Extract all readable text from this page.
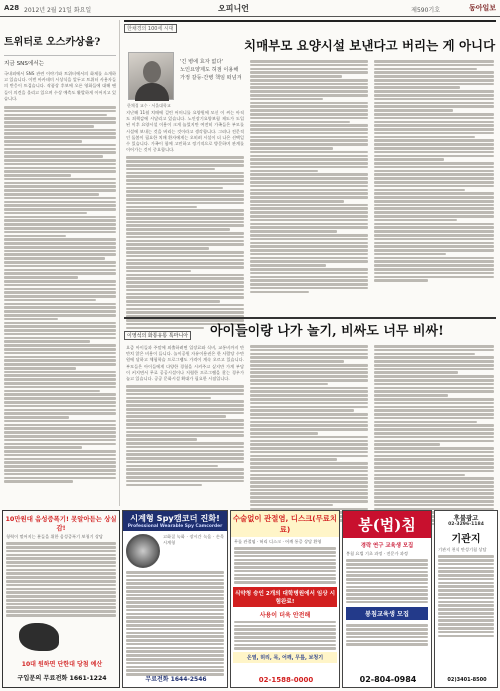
A28 2012년 2월 21일 화요일	오피니언	제590기호	동아일보
트위터로 오스카상을?
지금 SNS에서는
국내외에서 SNS 관련 이야기와 트위터에서의 화제를 소개하고 있습니다. 이번 아카데미 시상식을 앞두고 트위터 사용자들의 반응이 뜨겁습니다. 작품상 후보에 오른 영화들에 대해 팬들이 의견을 올리고 있으며 수상 예측도 활발하게 이어지고 있습니다.
한채경의 100세 시대
치매부모 요양시설 보낸다고 버리는 게 아니다
'긴 병에 효자 없다'
노인요양제도 허점 이용해
가정 갈등·간병 책임 떠넘겨
한채경 교수 · 서울대학교
지난해 11월 치매에 걸린 어머니를 요양원에 모신 이 씨는 아직도 죄책감에 시달리고 있습니다. 노인장기요양보험 제도가 도입된 이후 요양시설 이용이 크게 늘었지만 여전히 가족들은 부모를 시설에 보내는 것을 버리는 것이라고 생각합니다. 그러나 전문적인 돌봄이 필요한 치매 환자에게는 오히려 시설이 더 나은 선택일 수 있습니다. 가족이 함께 고민하고 정기적으로 방문하며 관계를 이어가는 것이 중요합니다.
이영석의 화통유통 톡마니아	아이들이랑 나가 놀기, 비싸도 너무 비싸!
요즘 아이들과 주말에 외출하려면 입장료와 식비, 교통비까지 만만치 않은 비용이 듭니다. 놀이공원 자유이용권은 한 사람당 수만 원에 달하고 체험학습 프로그램도 가격이 계속 오르고 있습니다. 부모들은 아이들에게 다양한 경험을 시켜주고 싶지만 가계 부담이 커지면서 무료 공공시설이나 저렴한 프로그램을 찾는 경우가 늘고 있습니다. 공공 문화시설 확대가 필요한 시점입니다.
10만원대 음성증폭기! 못알아듣는 상실감!
청력이 떨어지는 분들을 위한 음성증폭기 보청기 상담
10대 원하면 단한대 당첨 예산
구입문의 무료전화 1661-1224
시계형 Spy캠코더 진화!
Professional Wearable Spy Camcorder
고화질 녹화 · 장시간 녹음 · 손목시계형
무료전화 1644-2546
수술없이 관절염, 디스크(무료치료)
무릎 관절염 · 허리 디스크 · 어깨 통증 상담 환영
식약청 승인 2개의 대학병원에서 임상 시험완료!
사용이 더욱 안전해
온열, 허리, 목, 어깨, 무릎, 보청기
02-1588-0000
봉(법)침
경락 연구 교육생 모집
봉침 요법 기초 과정 · 전문가 과정
봉침교육생 모집
02-804-0984
후불광고
02-3296-1184
기관지
기관지 천식 만성기침 상담
02)3401-8500
